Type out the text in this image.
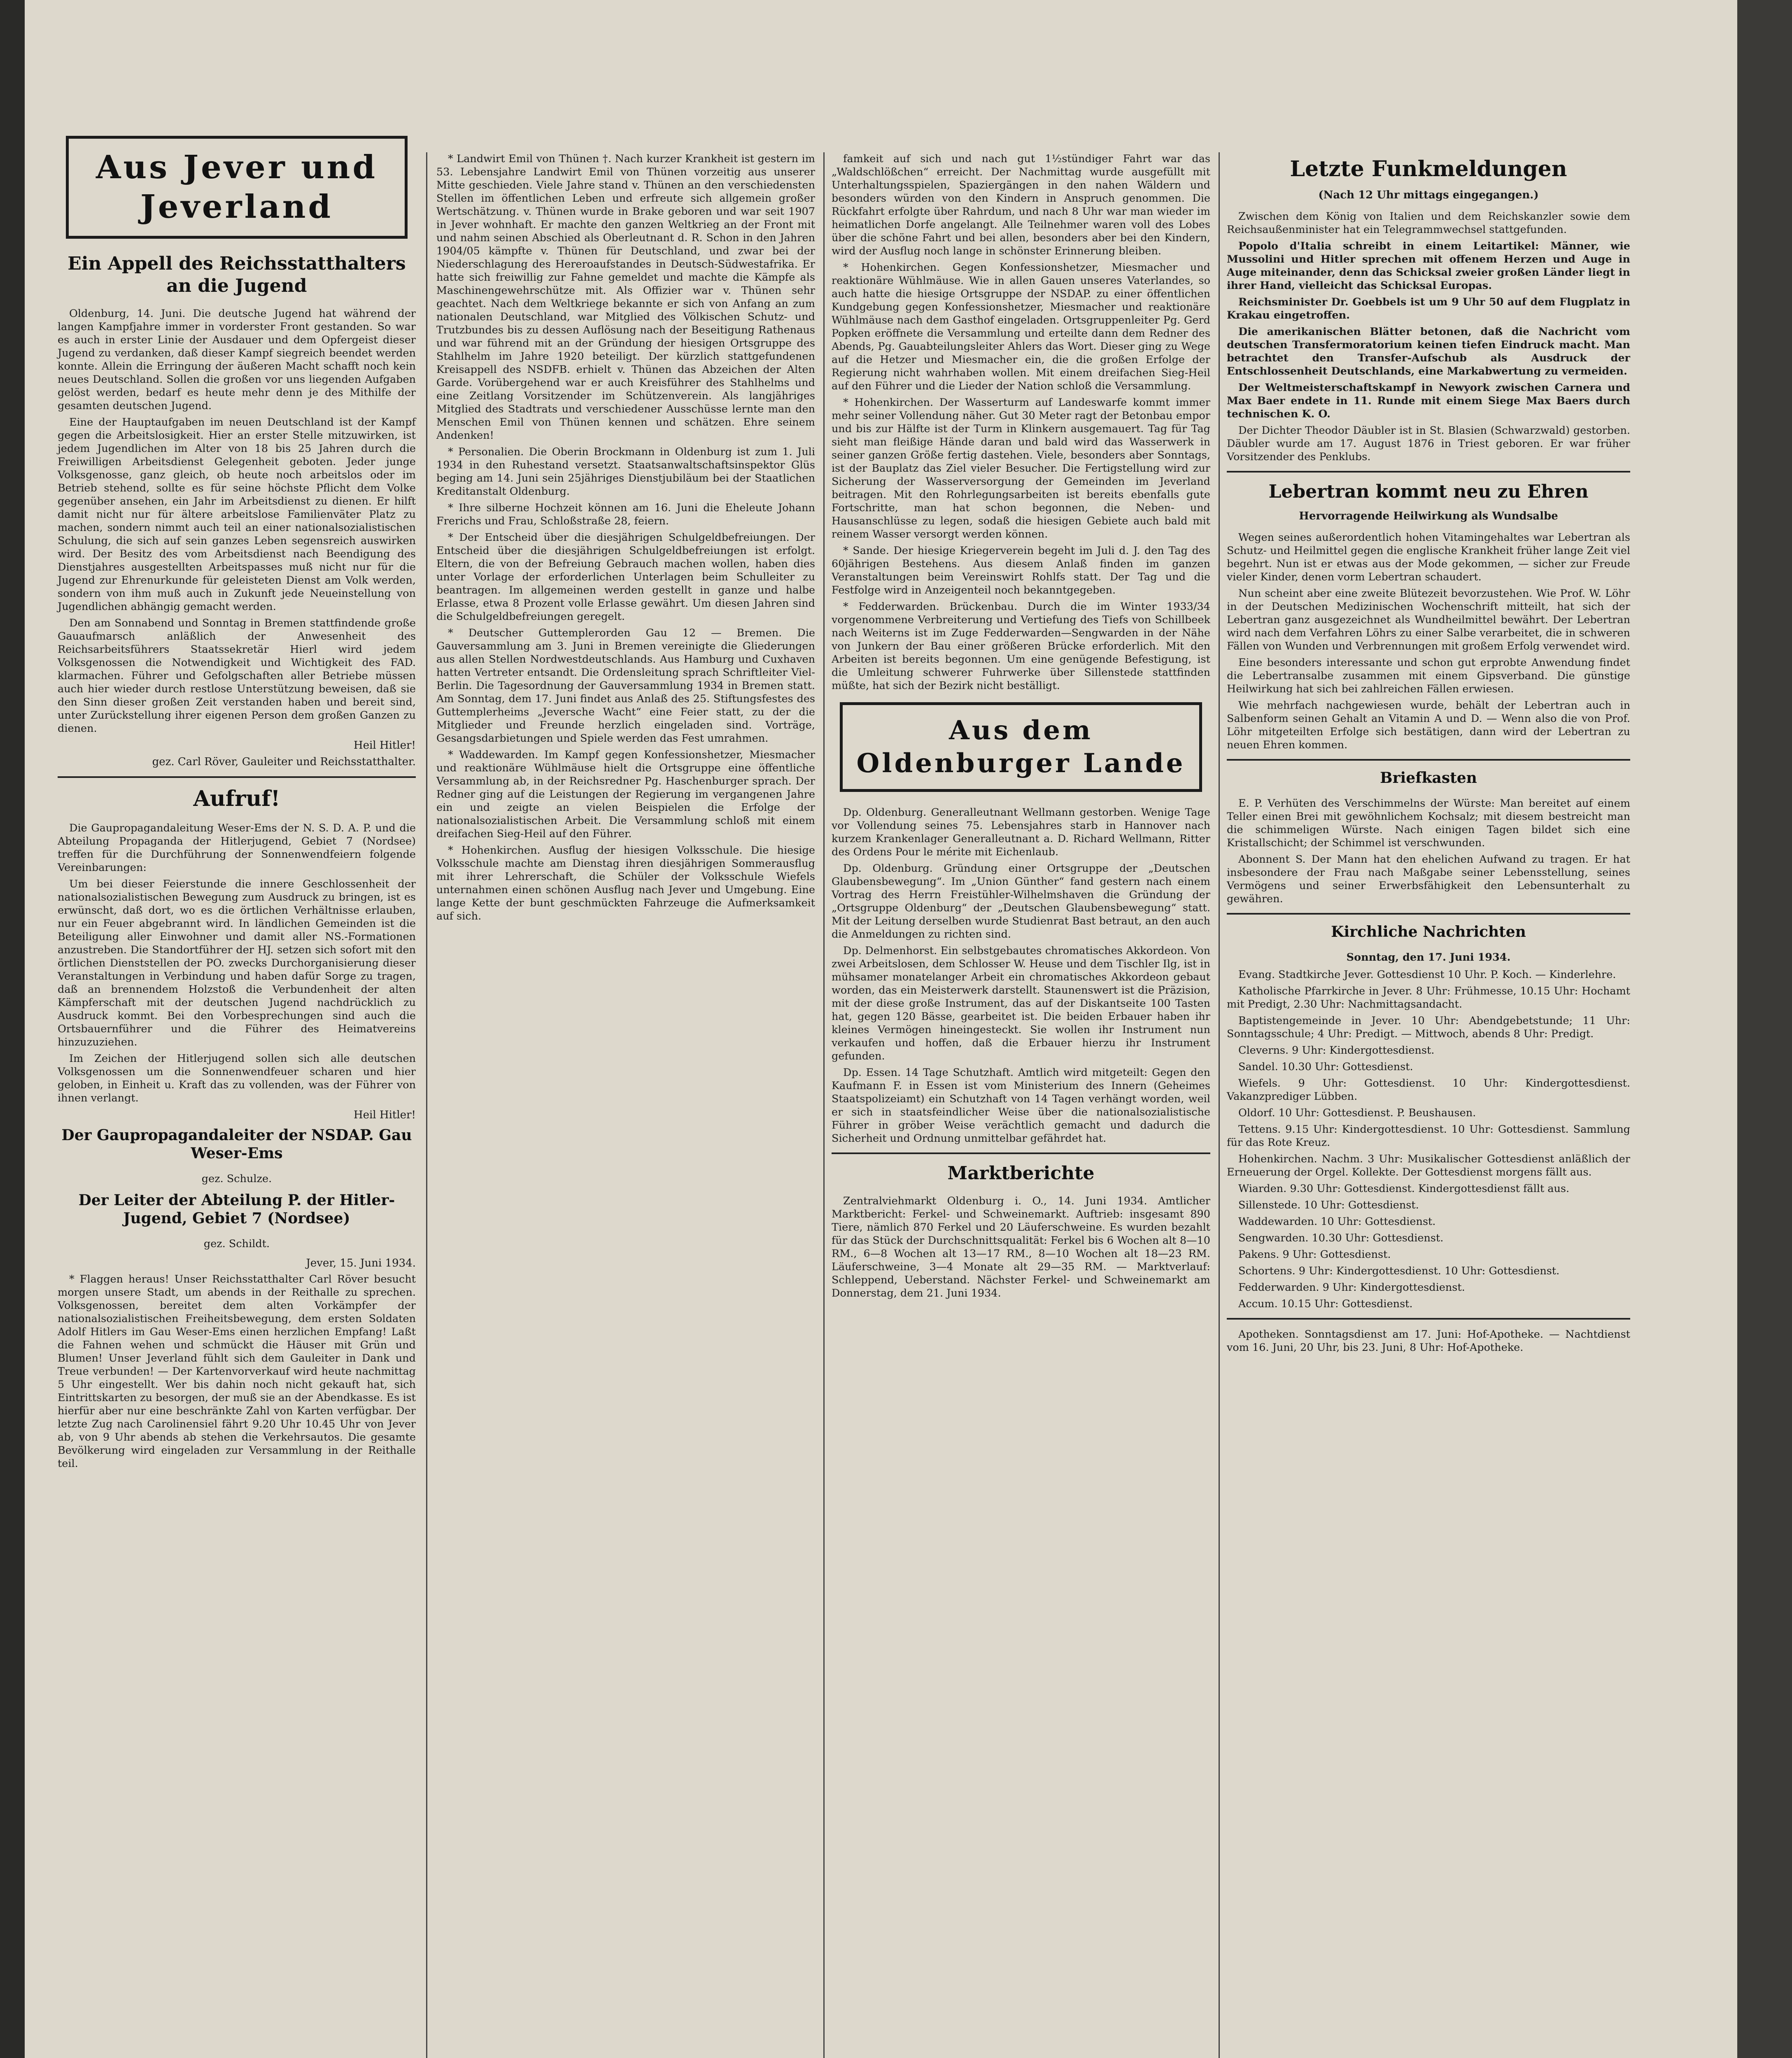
Aus Jever und Jeverland
Ein Appell des Reichsstatthalters an die Jugend

Oldenburg, 14. Juni. Die deutsche Jugend hat während der langen Kampfjahre immer in vorderster Front gestanden. So war es auch in erster Linie der Ausdauer und dem Opfergeist dieser Jugend zu verdanken, daß dieser Kampf siegreich beendet werden konnte. Allein die Erringung der äußeren Macht schafft noch kein neues Deutschland. Sollen die großen vor uns liegenden Aufgaben gelöst werden, bedarf es heute mehr denn je des Mithilfe der gesamten deutschen Jugend.

Eine der Hauptaufgaben im neuen Deutschland ist der Kampf gegen die Arbeitslosigkeit. Hier an erster Stelle mitzuwirken, ist jedem Jugendlichen im Alter von 18 bis 25 Jahren durch die Freiwilligen Arbeitsdienst Gelegenheit geboten. Jeder junge Volksgenosse, ganz gleich, ob heute noch arbeitslos oder im Betrieb stehend, sollte es für seine höchste Pflicht dem Volke gegenüber ansehen, ein Jahr im Arbeitsdienst zu dienen. Er hilft damit nicht nur für ältere arbeitslose Familienväter Platz zu machen, sondern nimmt auch teil an einer nationalsozialistischen Schulung, die sich auf sein ganzes Leben segensreich auswirken wird. Der Besitz des vom Arbeitsdienst nach Beendigung des Dienstjahres ausgestellten Arbeitspasses muß nicht nur für die Jugend zur Ehrenurkunde für geleisteten Dienst am Volk werden, sondern von ihm muß auch in Zukunft jede Neueinstellung von Jugendlichen abhängig gemacht werden.

Den am Sonnabend und Sonntag in Bremen stattfindende große Gauaufmarsch anläßlich der Anwesenheit des Reichsarbeitsführers Staatssekretär Hierl wird jedem Volksgenossen die Notwendigkeit und Wichtigkeit des FAD. klarmachen. Führer und Gefolgschaften aller Betriebe müssen auch hier wieder durch restlose Unterstützung beweisen, daß sie den Sinn dieser großen Zeit verstanden haben und bereit sind, unter Zurückstellung ihrer eigenen Person dem großen Ganzen zu dienen.

Heil Hitler!
gez. Carl Röver, Gauleiter und Reichsstatthalter.
Aufruf!

Die Gaupropagandaleitung Weser-Ems der N. S. D. A. P. und die Abteilung Propaganda der Hitlerjugend, Gebiet 7 (Nordsee) treffen für die Durchführung der Sonnenwendfeiern folgende Vereinbarungen:

Um bei dieser Feierstunde die innere Geschlossenheit der nationalsozialistischen Bewegung zum Ausdruck zu bringen, ist es erwünscht, daß dort, wo es die örtlichen Verhältnisse erlauben, nur ein Feuer abgebrannt wird. In ländlichen Gemeinden ist die Beteiligung aller Einwohner und damit aller NS.-Formationen anzustreben. Die Standortführer der HJ. setzen sich sofort mit den örtlichen Dienststellen der PO. zwecks Durchorganisierung dieser Veranstaltungen in Verbindung und haben dafür Sorge zu tragen, daß an brennendem Holzstoß die Verbundenheit der alten Kämpferschaft mit der deutschen Jugend nachdrücklich zu Ausdruck kommt. Bei den Vorbesprechungen sind auch die Ortsbauernführer und die Führer des Heimatvereins hinzuzuziehen.

Im Zeichen der Hitlerjugend sollen sich alle deutschen Volksgenossen um die Sonnenwendfeuer scharen und hier geloben, in Einheit u. Kraft das zu vollenden, was der Führer von ihnen verlangt.

Heil Hitler!
Der Gaupropagandaleiter der NSDAP. Gau Weser-Ems
gez. Schulze.
Der Leiter der Abteilung P. der Hitler-Jugend, Gebiet 7 (Nordsee)
gez. Schildt.
Jever, 15. Juni 1934.

* Flaggen heraus! Unser Reichsstatthalter Carl Röver besucht morgen unsere Stadt, um abends in der Reithalle zu sprechen. Volksgenossen, bereitet dem alten Vorkämpfer der nationalsozialistischen Freiheitsbewegung, dem ersten Soldaten Adolf Hitlers im Gau Weser-Ems einen herzlichen Empfang! Laßt die Fahnen wehen und schmückt die Häuser mit Grün und Blumen! Unser Jeverland fühlt sich dem Gauleiter in Dank und Treue verbunden! — Der Kartenvorverkauf wird heute nachmittag 5 Uhr eingestellt. Wer bis dahin noch nicht gekauft hat, sich Eintrittskarten zu besorgen, der muß sie an der Abendkasse. Es ist hierfür aber nur eine beschränkte Zahl von Karten verfügbar. Der letzte Zug nach Carolinensiel fährt 9.20 Uhr 10.45 Uhr von Jever ab, von 9 Uhr abends ab stehen die Verkehrsautos. Die gesamte Bevölkerung wird eingeladen zur Versammlung in der Reithalle teil.

* Landwirt Emil von Thünen †. Nach kurzer Krankheit ist gestern im 53. Lebensjahre Landwirt Emil von Thünen vorzeitig aus unserer Mitte geschieden. Viele Jahre stand v. Thünen an den verschiedensten Stellen im öffentlichen Leben und erfreute sich allgemein großer Wertschätzung. v. Thünen wurde in Brake geboren und war seit 1907 in Jever wohnhaft. Er machte den ganzen Weltkrieg an der Front mit und nahm seinen Abschied als Oberleutnant d. R. Schon in den Jahren 1904/05 kämpfte v. Thünen für Deutschland, und zwar bei der Niederschlagung des Hereroaufstandes in Deutsch-Südwestafrika. Er hatte sich freiwillig zur Fahne gemeldet und machte die Kämpfe als Maschinengewehrschütze mit. Als Offizier war v. Thünen sehr geachtet. Nach dem Weltkriege bekannte er sich von Anfang an zum nationalen Deutschland, war Mitglied des Völkischen Schutz- und Trutzbundes bis zu dessen Auflösung nach der Beseitigung Rathenaus und war führend mit an der Gründung der hiesigen Ortsgruppe des Stahlhelm im Jahre 1920 beteiligt. Der kürzlich stattgefundenen Kreisappell des NSDFB. erhielt v. Thünen das Abzeichen der Alten Garde. Vorübergehend war er auch Kreisführer des Stahlhelms und eine Zeitlang Vorsitzender im Schützenverein. Als langjähriges Mitglied des Stadtrats und verschiedener Ausschüsse lernte man den Menschen Emil von Thünen kennen und schätzen. Ehre seinem Andenken!

* Personalien. Die Oberin Brockmann in Oldenburg ist zum 1. Juli 1934 in den Ruhestand versetzt. Staatsanwaltschaftsinspektor Glüs beging am 14. Juni sein 25jähriges Dienstjubiläum bei der Staatlichen Kreditanstalt Oldenburg.

* Ihre silberne Hochzeit können am 16. Juni die Eheleute Johann Frerichs und Frau, Schloßstraße 28, feiern.

* Der Entscheid über die diesjährigen Schulgeldbefreiungen. Der Entscheid über die diesjährigen Schulgeldbefreiungen ist erfolgt. Eltern, die von der Befreiung Gebrauch machen wollen, haben dies unter Vorlage der erforderlichen Unterlagen beim Schulleiter zu beantragen. Im allgemeinen werden gestellt in ganze und halbe Erlasse, etwa 8 Prozent volle Erlasse gewährt. Um diesen Jahren sind die Schulgeldbefreiungen geregelt.

* Deutscher Guttemplerorden Gau 12 — Bremen. Die Gauversammlung am 3. Juni in Bremen vereinigte die Gliederungen aus allen Stellen Nordwestdeutschlands. Aus Hamburg und Cuxhaven hatten Vertreter entsandt. Die Ordensleitung sprach Schriftleiter Viel-Berlin. Die Tagesordnung der Gauversammlung 1934 in Bremen statt. Am Sonntag, dem 17. Juni findet aus Anlaß des 25. Stiftungsfestes des Guttemplerheims „Jeversche Wacht“ eine Feier statt, zu der die Mitglieder und Freunde herzlich eingeladen sind. Vorträge, Gesangsdarbietungen und Spiele werden das Fest umrahmen.

* Waddewarden. Im Kampf gegen Konfessionshetzer, Miesmacher und reaktionäre Wühlmäuse hielt die Ortsgruppe eine öffentliche Versammlung ab, in der Reichsredner Pg. Haschenburger sprach. Der Redner ging auf die Leistungen der Regierung im vergangenen Jahre ein und zeigte an vielen Beispielen die Erfolge der nationalsozialistischen Arbeit. Die Versammlung schloß mit einem dreifachen Sieg-Heil auf den Führer.

* Hohenkirchen. Ausflug der hiesigen Volksschule. Die hiesige Volksschule machte am Dienstag ihren diesjährigen Sommerausflug mit ihrer Lehrerschaft, die Schüler der Volksschule Wiefels unternahmen einen schönen Ausflug nach Jever und Umgebung. Eine lange Kette der bunt geschmückten Fahrzeuge die Aufmerksamkeit auf sich.

famkeit auf sich und nach gut 1½stündiger Fahrt war das „Waldschlößchen“ erreicht. Der Nachmittag wurde ausgefüllt mit Unterhaltungsspielen, Spaziergängen in den nahen Wäldern und besonders würden von den Kindern in Anspruch genommen. Die Rückfahrt erfolgte über Rahrdum, und nach 8 Uhr war man wieder im heimatlichen Dorfe angelangt. Alle Teilnehmer waren voll des Lobes über die schöne Fahrt und bei allen, besonders aber bei den Kindern, wird der Ausflug noch lange in schönster Erinnerung bleiben.

* Hohenkirchen. Gegen Konfessionshetzer, Miesmacher und reaktionäre Wühlmäuse. Wie in allen Gauen unseres Vaterlandes, so auch hatte die hiesige Ortsgruppe der NSDAP. zu einer öffentlichen Kundgebung gegen Konfessionshetzer, Miesmacher und reaktionäre Wühlmäuse nach dem Gasthof eingeladen. Ortsgruppenleiter Pg. Gerd Popken eröffnete die Versammlung und erteilte dann dem Redner des Abends, Pg. Gauabteilungsleiter Ahlers das Wort. Dieser ging zu Wege auf die Hetzer und Miesmacher ein, die die großen Erfolge der Regierung nicht wahrhaben wollen. Mit einem dreifachen Sieg-Heil auf den Führer und die Lieder der Nation schloß die Versammlung.

* Hohenkirchen. Der Wasserturm auf Landeswarfe kommt immer mehr seiner Vollendung näher. Gut 30 Meter ragt der Betonbau empor und bis zur Hälfte ist der Turm in Klinkern ausgemauert. Tag für Tag sieht man fleißige Hände daran und bald wird das Wasserwerk in seiner ganzen Größe fertig dastehen. Viele, besonders aber Sonntags, ist der Bauplatz das Ziel vieler Besucher. Die Fertigstellung wird zur Sicherung der Wasserversorgung der Gemeinden im Jeverland beitragen. Mit den Rohrlegungsarbeiten ist bereits ebenfalls gute Fortschritte, man hat schon begonnen, die Neben- und Hausanschlüsse zu legen, sodaß die hiesigen Gebiete auch bald mit reinem Wasser versorgt werden können.

* Sande. Der hiesige Kriegerverein begeht im Juli d. J. den Tag des 60jährigen Bestehens. Aus diesem Anlaß finden im ganzen Veranstaltungen beim Vereinswirt Rohlfs statt. Der Tag und die Festfolge wird in Anzeigenteil noch bekanntgegeben.

* Fedderwarden. Brückenbau. Durch die im Winter 1933/34 vorgenommene Verbreiterung und Vertiefung des Tiefs von Schillbeek nach Weiterns ist im Zuge Fedderwarden—Sengwarden in der Nähe von Junkern der Bau einer größeren Brücke erforderlich. Mit den Arbeiten ist bereits begonnen. Um eine genügende Befestigung, ist die Umleitung schwerer Fuhrwerke über Sillenstede stattfinden müßte, hat sich der Bezirk nicht beställigt.

Aus dem Oldenburger Lande

Dp. Oldenburg. Generalleutnant Wellmann gestorben. Wenige Tage vor Vollendung seines 75. Lebensjahres starb in Hannover nach kurzem Krankenlager Generalleutnant a. D. Richard Wellmann, Ritter des Ordens Pour le mérite mit Eichenlaub.

Dp. Oldenburg. Gründung einer Ortsgruppe der „Deutschen Glaubensbewegung“. Im „Union Günther“ fand gestern nach einem Vortrag des Herrn Freistühler-Wilhelmshaven die Gründung der „Ortsgruppe Oldenburg“ der „Deutschen Glaubensbewegung“ statt. Mit der Leitung derselben wurde Studienrat Bast betraut, an den auch die Anmeldungen zu richten sind.

Dp. Delmenhorst. Ein selbstgebautes chromatisches Akkordeon. Von zwei Arbeitslosen, dem Schlosser W. Heuse und dem Tischler Ilg, ist in mühsamer monatelanger Arbeit ein chromatisches Akkordeon gebaut worden, das ein Meisterwerk darstellt. Staunenswert ist die Präzision, mit der diese große Instrument, das auf der Diskantseite 100 Tasten hat, gegen 120 Bässe, gearbeitet ist. Die beiden Erbauer haben ihr kleines Vermögen hineingesteckt. Sie wollen ihr Instrument nun verkaufen und hoffen, daß die Erbauer hierzu ihr Instrument gefunden.

Dp. Essen. 14 Tage Schutzhaft. Amtlich wird mitgeteilt: Gegen den Kaufmann F. in Essen ist vom Ministerium des Innern (Geheimes Staatspolizeiamt) ein Schutzhaft von 14 Tagen verhängt worden, weil er sich in staatsfeindlicher Weise über die nationalsozialistische Führer in gröber Weise verächtlich gemacht und dadurch die Sicherheit und Ordnung unmittelbar gefährdet hat.

Marktberichte

Zentralviehmarkt Oldenburg i. O., 14. Juni 1934. Amtlicher Marktbericht: Ferkel- und Schweinemarkt. Auftrieb: insgesamt 890 Tiere, nämlich 870 Ferkel und 20 Läuferschweine. Es wurden bezahlt für das Stück der Durchschnittsqualität: Ferkel bis 6 Wochen alt 8—10 RM., 6—8 Wochen alt 13—17 RM., 8—10 Wochen alt 18—23 RM. Läuferschweine, 3—4 Monate alt 29—35 RM. — Marktverlauf: Schleppend, Ueberstand. Nächster Ferkel- und Schweinemarkt am Donnerstag, dem 21. Juni 1934.

Letzte Funkmeldungen
(Nach 12 Uhr mittags eingegangen.)

Zwischen dem König von Italien und dem Reichskanzler sowie dem Reichsaußenminister hat ein Telegrammwechsel stattgefunden.

Popolo d'Italia schreibt in einem Leitartikel: Männer, wie Mussolini und Hitler sprechen mit offenem Herzen und Auge in Auge miteinander, denn das Schicksal zweier großen Länder liegt in ihrer Hand, vielleicht das Schicksal Europas.

Reichsminister Dr. Goebbels ist um 9 Uhr 50 auf dem Flugplatz in Krakau eingetroffen.

Die amerikanischen Blätter betonen, daß die Nachricht vom deutschen Transfermoratorium keinen tiefen Eindruck macht. Man betrachtet den Transfer-Aufschub als Ausdruck der Entschlossenheit Deutschlands, eine Markabwertung zu vermeiden.

Der Weltmeisterschaftskampf in Newyork zwischen Carnera und Max Baer endete in 11. Runde mit einem Siege Max Baers durch technischen K. O.

Der Dichter Theodor Däubler ist in St. Blasien (Schwarzwald) gestorben. Däubler wurde am 17. August 1876 in Triest geboren. Er war früher Vorsitzender des Penklubs.

Lebertran kommt neu zu Ehren
Hervorragende Heilwirkung als Wundsalbe

Wegen seines außerordentlich hohen Vitamingehaltes war Lebertran als Schutz- und Heilmittel gegen die englische Krankheit früher lange Zeit viel begehrt. Nun ist er etwas aus der Mode gekommen, — sicher zur Freude vieler Kinder, denen vorm Lebertran schaudert.

Nun scheint aber eine zweite Blütezeit bevorzustehen. Wie Prof. W. Löhr in der Deutschen Medizinischen Wochenschrift mitteilt, hat sich der Lebertran ganz ausgezeichnet als Wundheilmittel bewährt. Der Lebertran wird nach dem Verfahren Löhrs zu einer Salbe verarbeitet, die in schweren Fällen von Wunden und Verbrennungen mit großem Erfolg verwendet wird.

Eine besonders interessante und schon gut erprobte Anwendung findet die Lebertransalbe zusammen mit einem Gipsverband. Die günstige Heilwirkung hat sich bei zahlreichen Fällen erwiesen.

Wie mehrfach nachgewiesen wurde, behält der Lebertran auch in Salbenform seinen Gehalt an Vitamin A und D. — Wenn also die von Prof. Löhr mitgeteilten Erfolge sich bestätigen, dann wird der Lebertran zu neuen Ehren kommen.

Briefkasten

E. P. Verhüten des Verschimmelns der Würste: Man bereitet auf einem Teller einen Brei mit gewöhnlichem Kochsalz; mit diesem bestreicht man die schimmeligen Würste. Nach einigen Tagen bildet sich eine Kristallschicht; der Schimmel ist verschwunden.

Abonnent S. Der Mann hat den ehelichen Aufwand zu tragen. Er hat insbesondere der Frau nach Maßgabe seiner Lebensstellung, seines Vermögens und seiner Erwerbsfähigkeit den Lebensunterhalt zu gewähren.

Kirchliche Nachrichten
Sonntag, den 17. Juni 1934.

Evang. Stadtkirche Jever. Gottesdienst 10 Uhr. P. Koch. — Kinderlehre.

Katholische Pfarrkirche in Jever. 8 Uhr: Frühmesse, 10.15 Uhr: Hochamt mit Predigt, 2.30 Uhr: Nachmittagsandacht.

Baptistengemeinde in Jever. 10 Uhr: Abendgebetstunde; 11 Uhr: Sonntagsschule; 4 Uhr: Predigt. — Mittwoch, abends 8 Uhr: Predigt.

Cleverns. 9 Uhr: Kindergottesdienst.

Sandel. 10.30 Uhr: Gottesdienst.

Wiefels. 9 Uhr: Gottesdienst. 10 Uhr: Kindergottesdienst. Vakanzprediger Lübben.

Oldorf. 10 Uhr: Gottesdienst. P. Beushausen.

Tettens. 9.15 Uhr: Kindergottesdienst. 10 Uhr: Gottesdienst. Sammlung für das Rote Kreuz.

Hohenkirchen. Nachm. 3 Uhr: Musikalischer Gottesdienst anläßlich der Erneuerung der Orgel. Kollekte. Der Gottesdienst morgens fällt aus.

Wiarden. 9.30 Uhr: Gottesdienst. Kindergottesdienst fällt aus.

Sillenstede. 10 Uhr: Gottesdienst.

Waddewarden. 10 Uhr: Gottesdienst.

Sengwarden. 10.30 Uhr: Gottesdienst.

Pakens. 9 Uhr: Gottesdienst.

Schortens. 9 Uhr: Kindergottesdienst. 10 Uhr: Gottesdienst.

Fedderwarden. 9 Uhr: Kindergottesdienst.

Accum. 10.15 Uhr: Gottesdienst.

Apotheken. Sonntagsdienst am 17. Juni: Hof-Apotheke. — Nachtdienst vom 16. Juni, 20 Uhr, bis 23. Juni, 8 Uhr: Hof-Apotheke.
